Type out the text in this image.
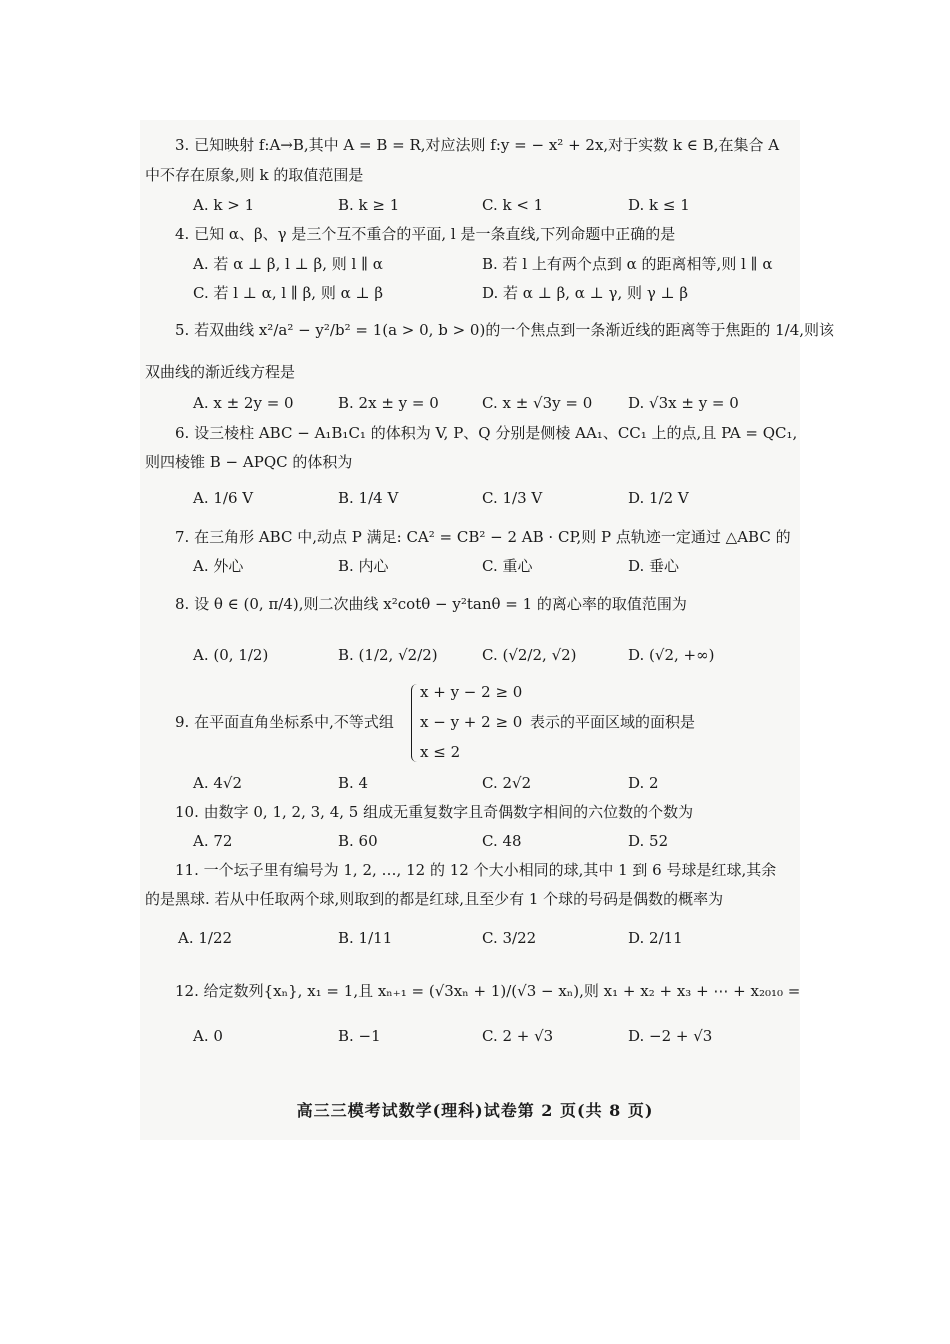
3. 已知映射 f:A→B,其中 A = B = R,对应法则 f:y = − x² + 2x,对于实数 k ∈ B,在集合 A
中不存在原象,则 k 的取值范围是
A. k > 1	B. k ≥ 1	C. k < 1	D. k ≤ 1
4. 已知 α、β、γ 是三个互不重合的平面, l 是一条直线,下列命题中正确的是
A. 若 α ⊥ β, l ⊥ β, 则 l ∥ α	B. 若 l 上有两个点到 α 的距离相等,则 l ∥ α
C. 若 l ⊥ α, l ∥ β, 则 α ⊥ β	D. 若 α ⊥ β, α ⊥ γ, 则 γ ⊥ β
5. 若双曲线 x²/a² − y²/b² = 1(a > 0, b > 0)的一个焦点到一条渐近线的距离等于焦距的 1/4,则该
双曲线的渐近线方程是
A. x ± 2y = 0	B. 2x ± y = 0	C. x ± √3y = 0 D. √3x ± y = 0
6. 设三棱柱 ABC − A₁B₁C₁ 的体积为 V, P、Q 分别是侧棱 AA₁、CC₁ 上的点,且 PA = QC₁,
则四棱锥 B − APQC 的体积为
A. 1/6 V	B. 1/4 V	C. 1/3 V	D. 1/2 V
7. 在三角形 ABC 中,动点 P 满足: CA² = CB² − 2 AB · CP,则 P 点轨迹一定通过 △ABC 的
A. 外心	B. 内心	C. 重心	D. 垂心
8. 设 θ ∈ (0, π/4),则二次曲线 x²cotθ − y²tanθ = 1 的离心率的取值范围为
A. (0, 1/2)	B. (1/2, √2/2)	C. (√2/2, √2)	D. (√2, +∞)
9. 在平面直角坐标系中,不等式组
x + y − 2 ≥ 0
x − y + 2 ≥ 0 表示的平面区域的面积是
x ≤ 2
A. 4√2	B. 4	C. 2√2	D. 2
10. 由数字 0, 1, 2, 3, 4, 5 组成无重复数字且奇偶数字相间的六位数的个数为
A. 72	B. 60	C. 48	D. 52
11. 一个坛子里有编号为 1, 2, …, 12 的 12 个大小相同的球,其中 1 到 6 号球是红球,其余
的是黑球. 若从中任取两个球,则取到的都是红球,且至少有 1 个球的号码是偶数的概率为
A. 1/22	B. 1/11	C. 3/22	D. 2/11
12. 给定数列{xₙ}, x₁ = 1,且 xₙ₊₁ = (√3xₙ + 1)/(√3 − xₙ),则 x₁ + x₂ + x₃ + ⋯ + x₂₀₁₀ =
A. 0	B. −1	C. 2 + √3	D. −2 + √3
高三三模考试数学(理科)试卷第 2 页(共 8 页)
